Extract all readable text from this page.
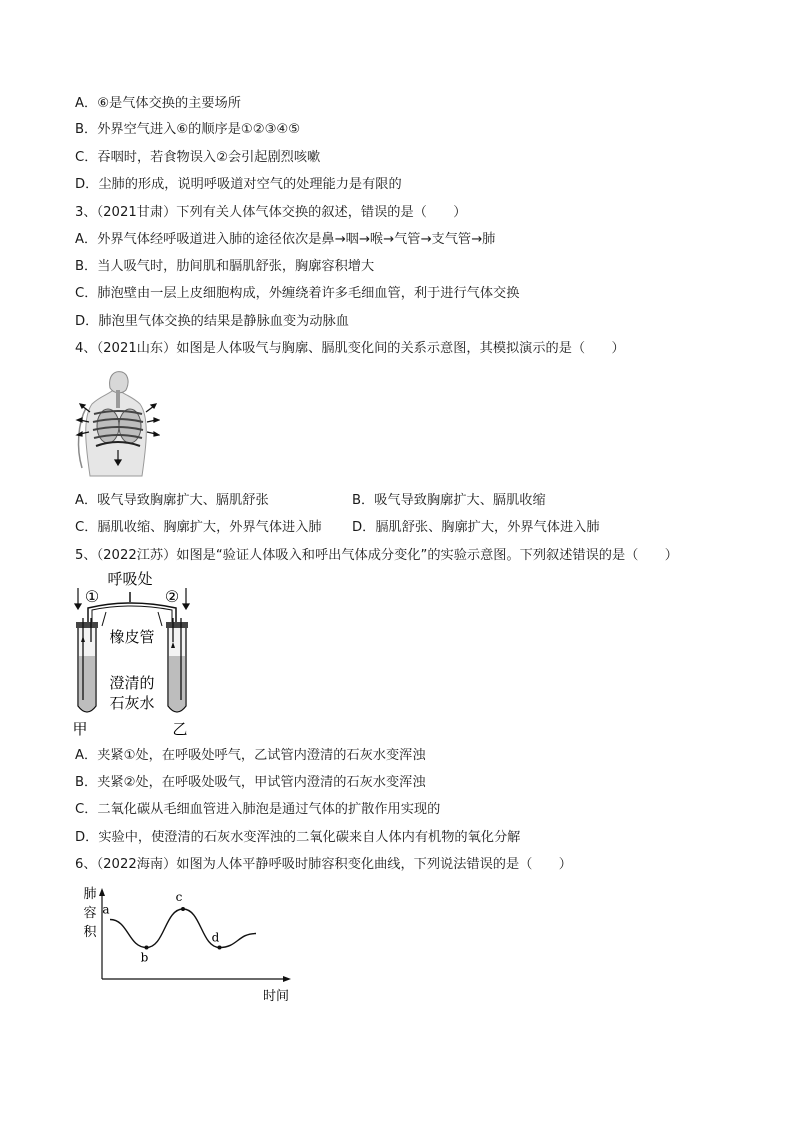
A．⑥是气体交换的主要场所
B．外界空气进入⑥的顺序是①②③④⑤
C．吞咽时，若食物误入②会引起剧烈咳嗽
D．尘肺的形成，说明呼吸道对空气的处理能力是有限的
3、（2021甘肃）下列有关人体气体交换的叙述，错误的是（　　）
A．外界气体经呼吸道进入肺的途径依次是鼻→咽→喉→气管→支气管→肺
B．当人吸气时，肋间肌和膈肌舒张，胸廓容积增大
C．肺泡壁由一层上皮细胞构成，外缠绕着许多毛细血管，利于进行气体交换
D．肺泡里气体交换的结果是静脉血变为动脉血
4、（2021山东）如图是人体吸气与胸廓、膈肌变化间的关系示意图，其模拟演示的是（　　）
A．吸气导致胸廓扩大、膈肌舒张	B．吸气导致胸廓扩大、膈肌收缩
C．膈肌收缩、胸廓扩大，外界气体进入肺 D．膈肌舒张、胸廓扩大，外界气体进入肺
5、（2022江苏）如图是“验证人体吸入和呼出气体成分变化”的实验示意图。下列叙述错误的是（　　）
呼吸处
①	②
橡皮管
澄清的
石灰水
甲	乙
A．夹紧①处，在呼吸处呼气，乙试管内澄清的石灰水变浑浊
B．夹紧②处，在呼吸处吸气，甲试管内澄清的石灰水变浑浊
C．二氧化碳从毛细血管进入肺泡是通过气体的扩散作用实现的
D．实验中，使澄清的石灰水变浑浊的二氧化碳来自人体内有机物的氧化分解
6、（2022海南）如图为人体平静呼吸时肺容积变化曲线，下列说法错误的是（　　）
肺
容
积
时间
a
b
c
d
